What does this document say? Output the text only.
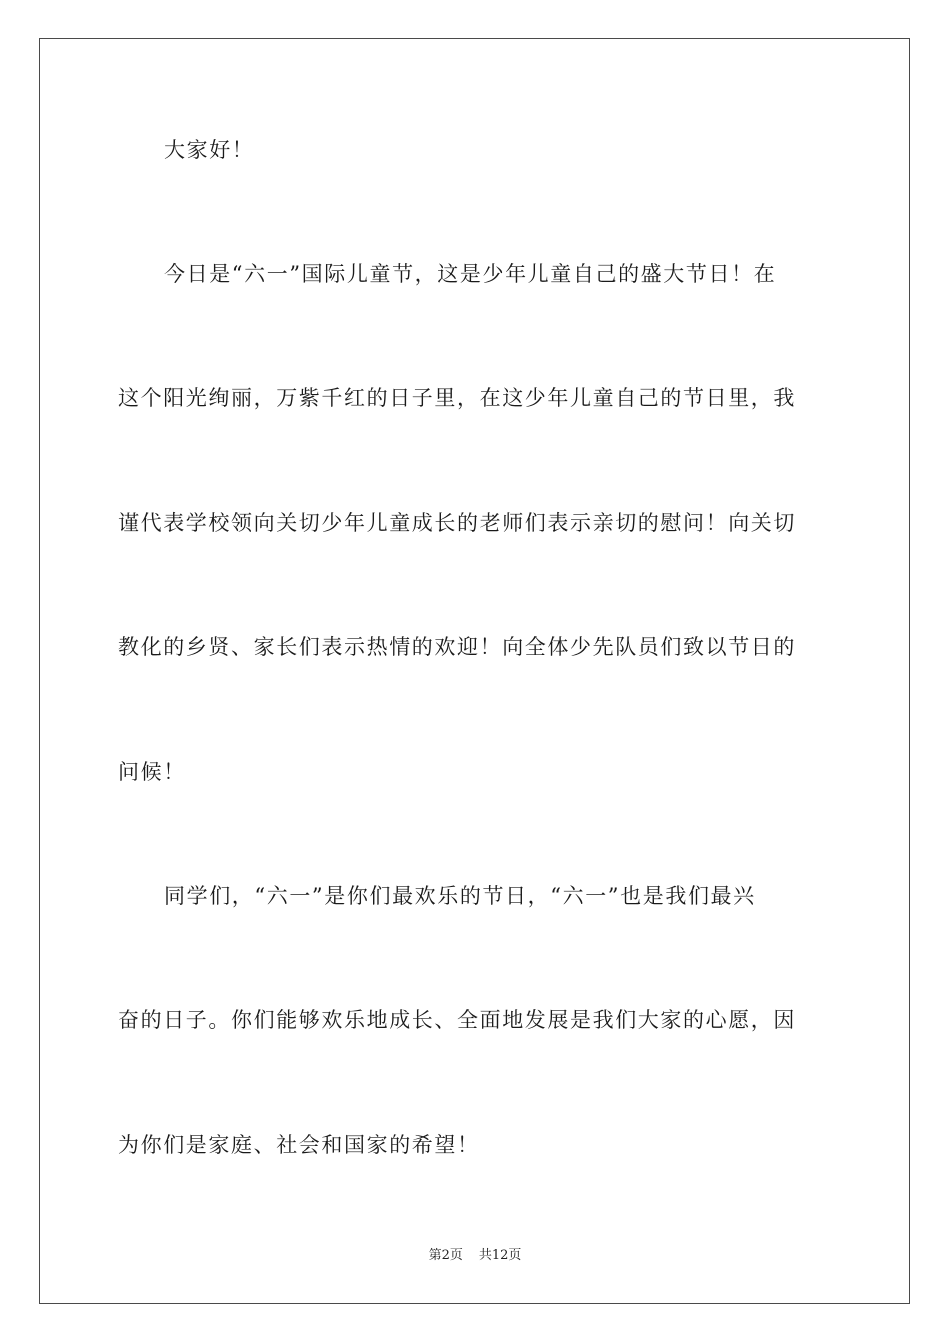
大家好！
今日是“六一”国际儿童节，这是少年儿童自己的盛大节日！在
这个阳光绚丽，万紫千红的日子里，在这少年儿童自己的节日里，我
谨代表学校领向关切少年儿童成长的老师们表示亲切的慰问！向关切
教化的乡贤、家长们表示热情的欢迎！向全体少先队员们致以节日的
问候！
同学们，“六一”是你们最欢乐的节日，“六一”也是我们最兴
奋的日子。你们能够欢乐地成长、全面地发展是我们大家的心愿，因
为你们是家庭、社会和国家的希望！
第2页 共12页
